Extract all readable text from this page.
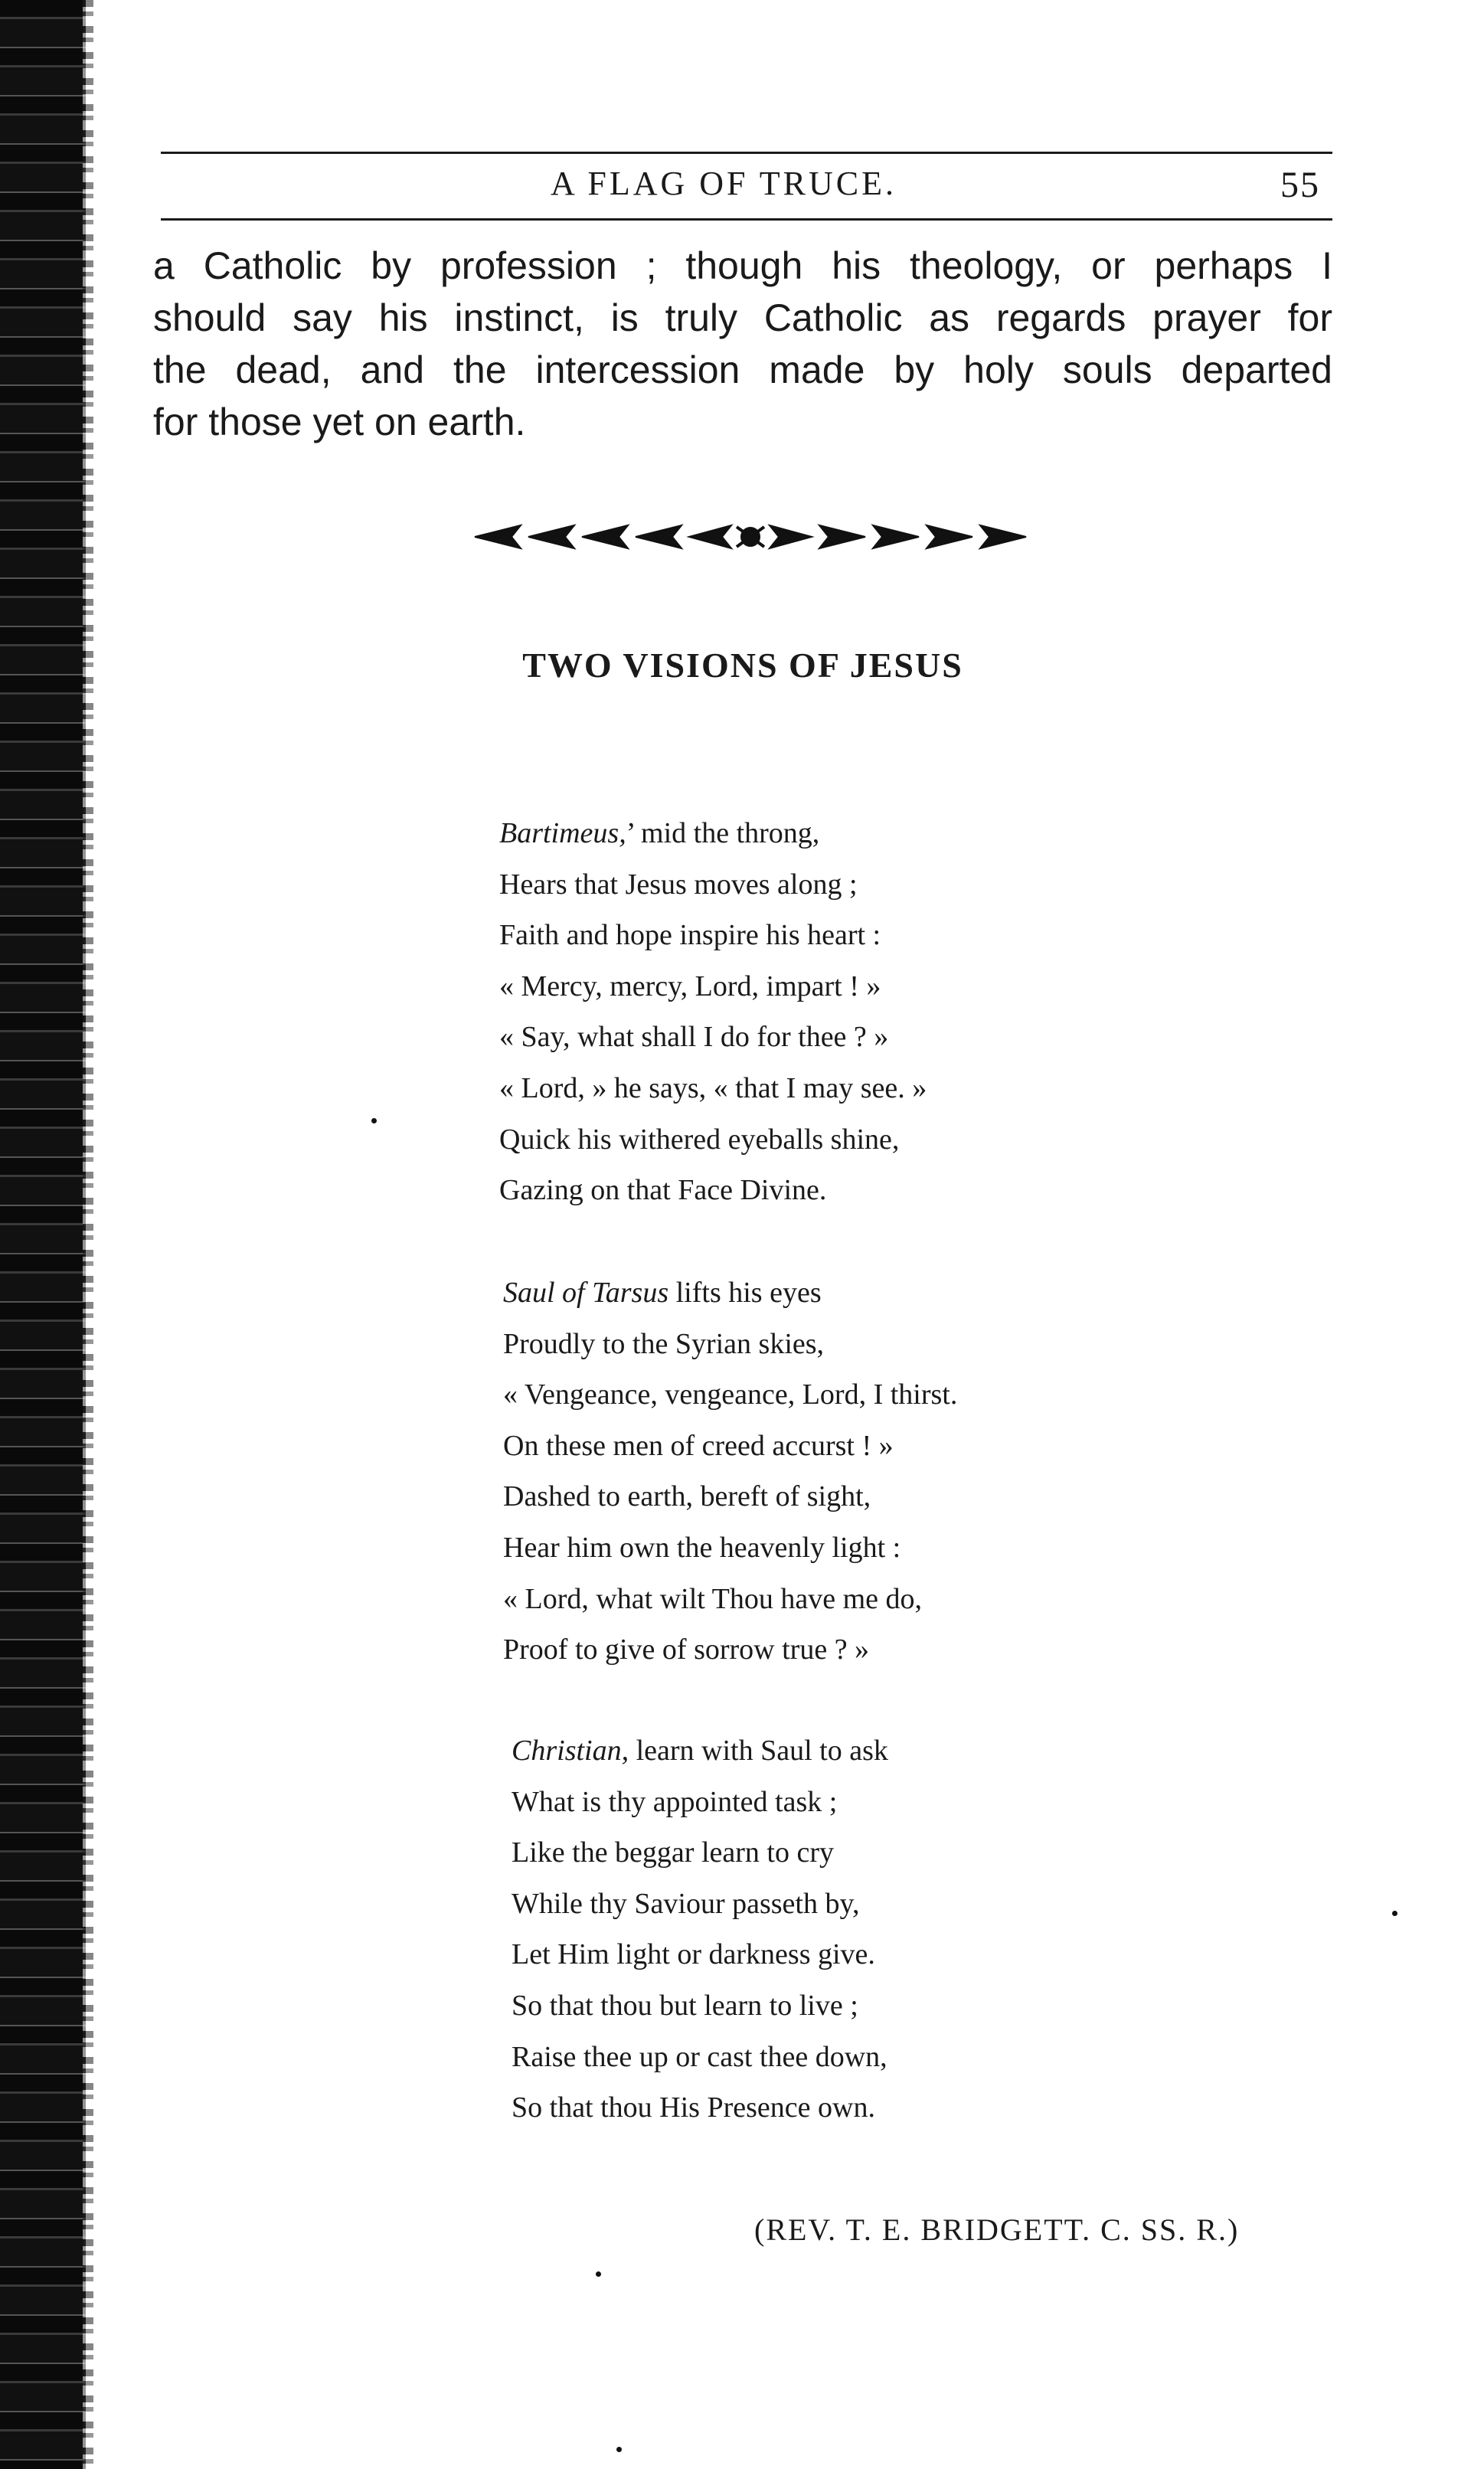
A FLAG OF TRUCE.	55
a Catholic by profession ; though his theology, or perhaps I
should say his instinct, is truly Catholic as regards prayer for
the dead, and the intercession made by holy souls departed
for those yet on earth.
TWO VISIONS OF JESUS
Bartimeus,’ mid the throng,
Hears that Jesus moves along ;
Faith and hope inspire his heart :
« Mercy, mercy, Lord, impart ! »
« Say, what shall I do for thee ? »
« Lord, » he says, « that I may see. »
Quick his withered eyeballs shine,
Gazing on that Face Divine.
Saul of Tarsus lifts his eyes
Proudly to the Syrian skies,
« Vengeance, vengeance, Lord, I thirst.
On these men of creed accurst ! »
Dashed to earth, bereft of sight,
Hear him own the heavenly light :
« Lord, what wilt Thou have me do,
Proof to give of sorrow true ? »
Christian, learn with Saul to ask
What is thy appointed task ;
Like the beggar learn to cry
While thy Saviour passeth by,
Let Him light or darkness give.
So that thou but learn to live ;
Raise thee up or cast thee down,
So that thou His Presence own.
(REV. T. E. BRIDGETT. C. SS. R.)
